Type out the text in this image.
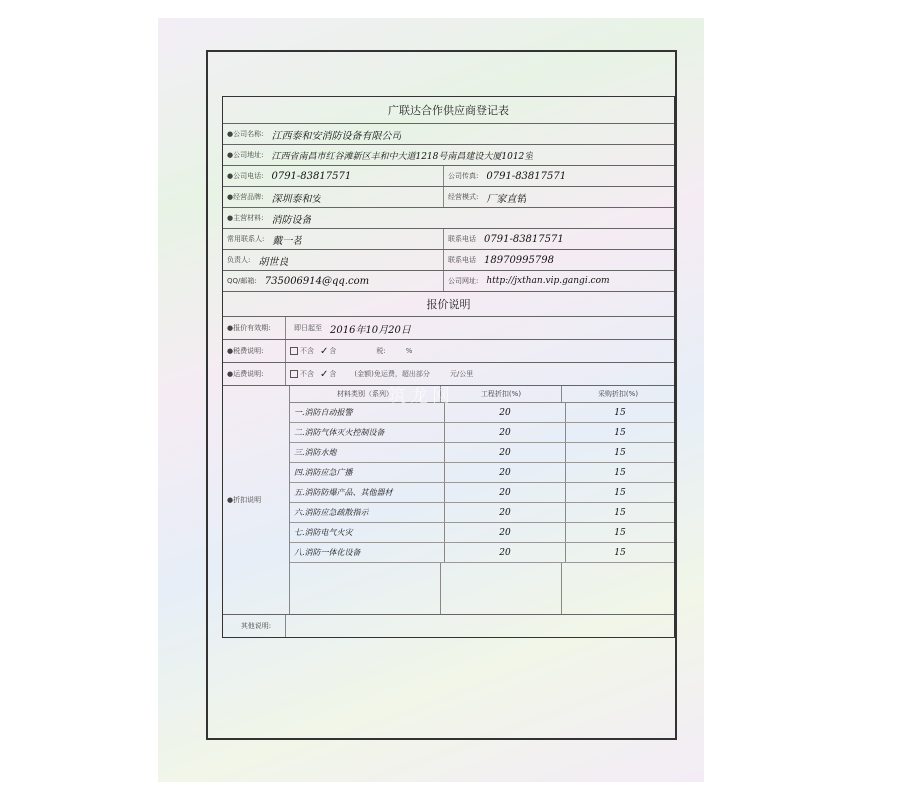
广联达合作供应商登记表
●公司名称: 江西泰和安消防设备有限公司
●公司地址: 江西省南昌市红谷滩新区丰和中大道1218号南昌建设大厦1012室
●公司电话: 0791-83817571	公司传真: 0791-83817571
●经营品牌: 深圳泰和安	经营模式: 厂家直销
●主营材料: 消防设备
常用联系人: 戴一茗	联系电话 0791-83817571
负责人: 胡世良	联系电话 18970995798
QQ/邮箱: 735006914@qq.com	公司网址: http://jxthan.vip.gangi.com
报价说明
●报价有效期:	即日起至 2016年10月20日
●税费说明:	不含 ✓ 含	税:	%
●运费说明:	不含 ✓ 含	(金额)免运费，超出部分	元/公里
●折扣说明
材料类别（系列）	工程折扣(%)	采购折扣(%)
一.消防自动报警	20	15
二.消防气体灭火控制设备	20	15
三.消防水炮	20	15
四.消防应急广播	20	15
五.消防防爆产品、其他器材	20	15
六.消防应急疏散指示	20	15
七.消防电气火灾	20	15
八.消防一体化设备	20	15
其他说明:
筑龙网
